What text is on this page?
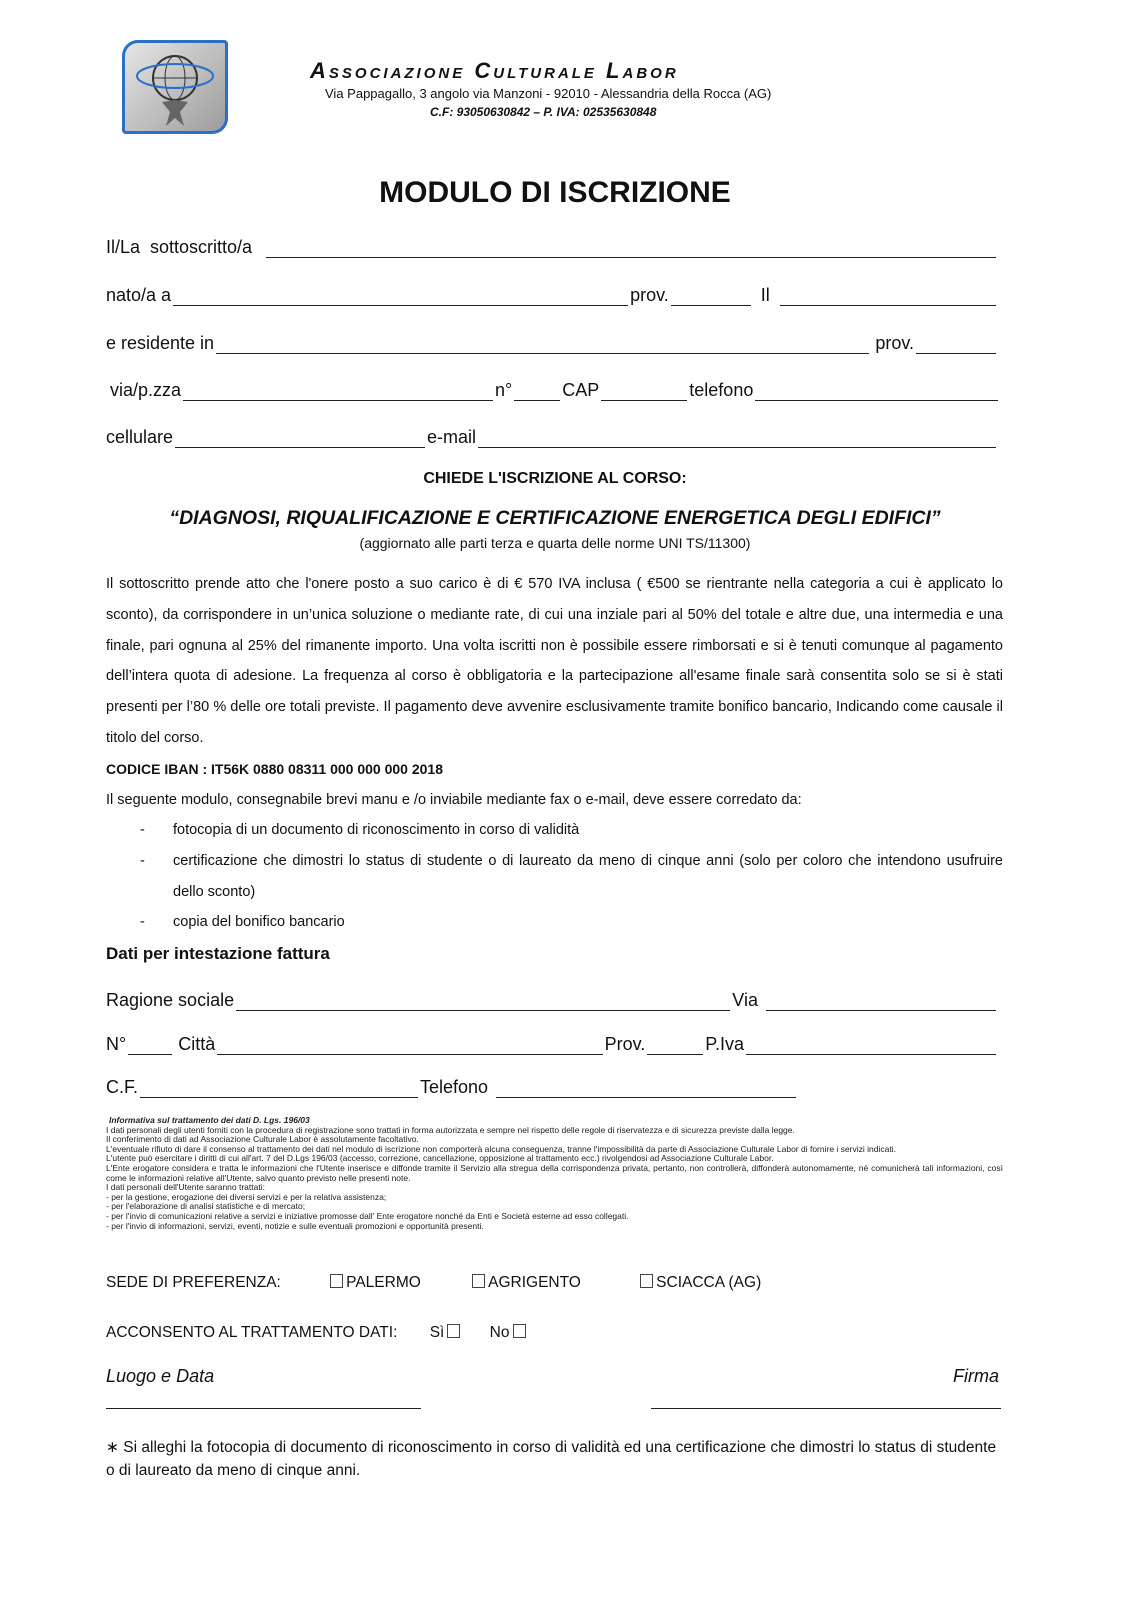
Associazione Culturale Labor
Via Pappagallo, 3 angolo via Manzoni - 92010 - Alessandria della Rocca (AG)
C.F: 93050630842 – P. IVA: 02535630848
MODULO DI ISCRIZIONE
Il/La  sottoscritto/a
nato/a a	prov.	Il
e residente in	prov.
via/p.zza	n°	CAP	telefono
cellulare	e-mail
CHIEDE L'ISCRIZIONE AL CORSO:
“DIAGNOSI, RIQUALIFICAZIONE E CERTIFICAZIONE ENERGETICA DEGLI EDIFICI”
(aggiornato alle parti terza e quarta delle norme UNI TS/11300)
Il sottoscritto prende atto che l'onere posto a suo carico è di € 570 IVA inclusa ( €500 se rientrante nella categoria a cui è applicato lo sconto), da corrispondere in un’unica soluzione o mediante rate, di cui una inziale pari al 50% del totale e altre due, una intermedia e una finale, pari ognuna al 25% del rimanente importo. Una volta iscritti non è possibile essere rimborsati e si è tenuti comunque al pagamento dell’intera quota di adesione. La frequenza al corso è obbligatoria e la partecipazione all'esame finale sarà consentita solo se si è stati presenti per l’80 % delle ore totali previste. Il pagamento deve avvenire esclusivamente tramite bonifico bancario, Indicando come causale il titolo del corso.
CODICE IBAN : IT56K 0880 08311 000 000 000 2018
Il seguente modulo, consegnabile brevi manu e /o inviabile mediante fax o e-mail, deve essere corredato da:
-	fotocopia di un documento di riconoscimento in corso di validità
-	certificazione che dimostri lo status di studente o di laureato da meno di cinque anni (solo per coloro che intendono usufruire dello sconto)
-	copia del bonifico bancario
Dati per intestazione fattura
Ragione sociale	Via
N°	Città	Prov.	P.Iva
C.F.	Telefono
Informativa sul trattamento dei dati D. Lgs. 196/03
I dati personali degli utenti forniti con la procedura di registrazione sono trattati in forma autorizzata e sempre nel rispetto delle regole di riservatezza e di sicurezza previste dalla legge.
Il conferimento di dati ad Associazione Culturale Labor è assolutamente facoltativo.
L'eventuale rifiuto di dare il consenso al trattamento dei dati nel modulo di iscrizione non comporterà alcuna conseguenza, tranne l'impossibilità da parte di Associazione Culturale Labor di fornire i servizi indicati.
L'utente può esercitare i diritti di cui all'art. 7 del D.Lgs 196/03 (accesso, correzione, cancellazione, opposizione al trattamento ecc.) rivolgendosi ad Associazione Culturale Labor.
L'Ente erogatore considera e tratta le informazioni che l'Utente inserisce e diffonde tramite il Servizio alla stregua della corrispondenza privata, pertanto, non controllerà, diffonderà autonomamente, né comunicherà tali informazioni, così come le informazioni relative all'Utente, salvo quanto previsto nelle presenti note.
I dati personali dell'Utente saranno trattati:
- per la gestione, erogazione dei diversi servizi e per la relativa assistenza;
- per l'elaborazione di analisi statistiche e di mercato;
- per l'invio di comunicazioni relative a servizi e iniziative promosse dall' Ente erogatore nonché da Enti e Società esterne ad esso collegati.
- per l'invio di informazioni, servizi, eventi, notizie e sulle eventuali promozioni e opportunità presenti.
SEDE DI PREFERENZA:	PALERMO	AGRIGENTO	SCIACCA (AG)
ACCONSENTO AL TRATTAMENTO DATI: Sì	No
Luogo e Data	Firma
∗ Si alleghi la fotocopia di documento di riconoscimento in corso di validità ed una certificazione che dimostri lo status di studente o di laureato da meno di cinque anni.
